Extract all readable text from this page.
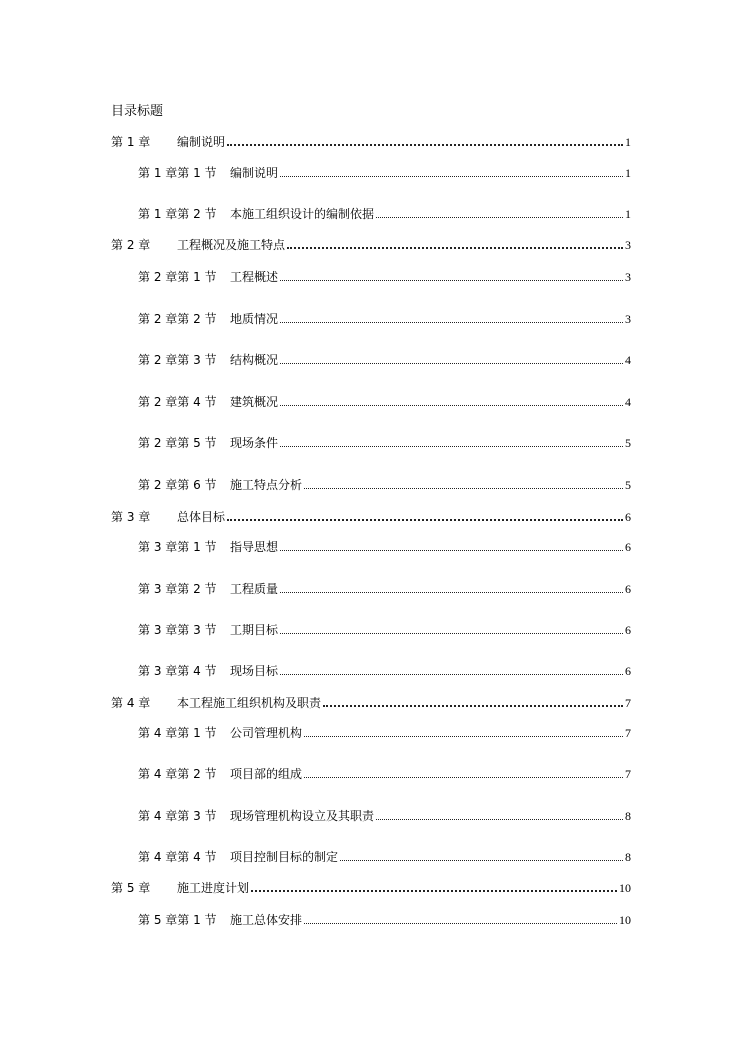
目录标题
第 1 章	编制说明	1
第 1 章第 1 节	编制说明	1
第 1 章第 2 节	本施工组织设计的编制依据	1
第 2 章	工程概况及施工特点	3
第 2 章第 1 节	工程概述	3
第 2 章第 2 节	地质情况	3
第 2 章第 3 节	结构概况	4
第 2 章第 4 节	建筑概况	4
第 2 章第 5 节	现场条件	5
第 2 章第 6 节	施工特点分析	5
第 3 章	总体目标	6
第 3 章第 1 节	指导思想	6
第 3 章第 2 节	工程质量	6
第 3 章第 3 节	工期目标	6
第 3 章第 4 节	现场目标	6
第 4 章	本工程施工组织机构及职责	7
第 4 章第 1 节	公司管理机构	7
第 4 章第 2 节	项目部的组成	7
第 4 章第 3 节	现场管理机构设立及其职责	8
第 4 章第 4 节	项目控制目标的制定	8
第 5 章	施工进度计划	10
第 5 章第 1 节	施工总体安排	10
